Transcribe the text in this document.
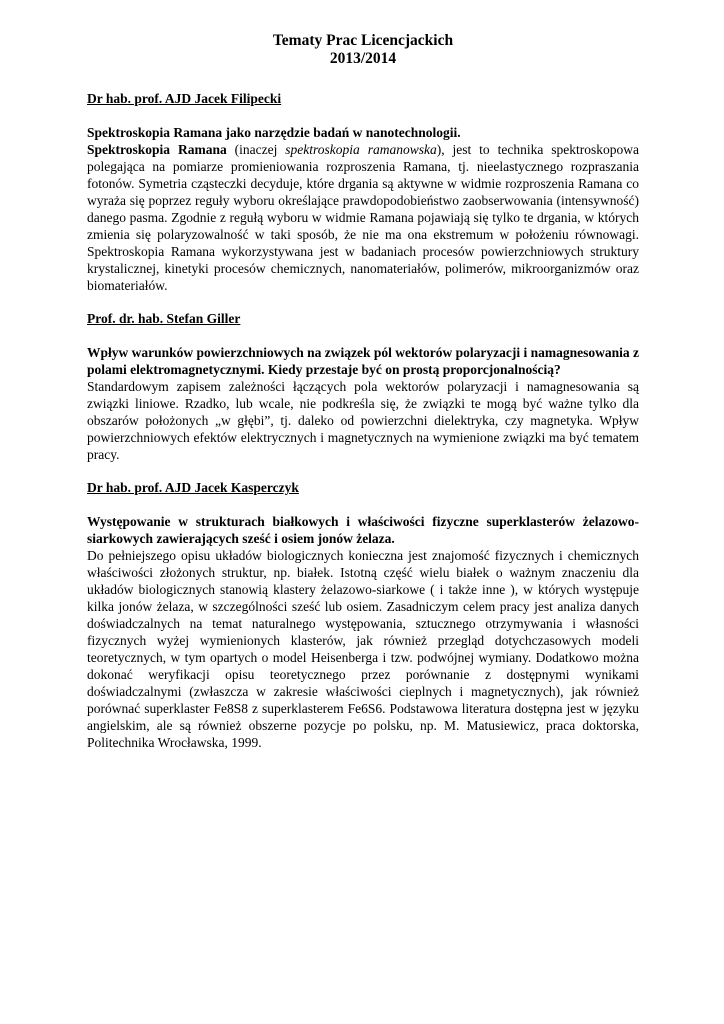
Tematy Prac Licencjackich
2013/2014

Dr hab. prof. AJD Jacek Filipecki

Spektroskopia Ramana jako narzędzie badań w nanotechnologii.

Spektroskopia Ramana (inaczej spektroskopia ramanowska), jest to technika spektroskopowa polegająca na pomiarze promieniowania rozproszenia Ramana, tj. nieelastycznego rozpraszania fotonów. Symetria cząsteczki decyduje, które drgania są aktywne w widmie rozproszenia Ramana co wyraża się poprzez reguły wyboru określające prawdopodobieństwo zaobserwowania (intensywność) danego pasma. Zgodnie z regułą wyboru w widmie Ramana pojawiają się tylko te drgania, w których zmienia się polaryzowalność w taki sposób, że nie ma ona ekstremum w położeniu równowagi. Spektroskopia Ramana wykorzystywana jest w badaniach procesów powierzchniowych struktury krystalicznej, kinetyki procesów chemicznych, nanomateriałów, polimerów, mikroorganizmów oraz biomateriałów.

Prof. dr. hab. Stefan Giller

Wpływ warunków powierzchniowych na związek pól wektorów polaryzacji i namagnesowania z polami elektromagnetycznymi. Kiedy przestaje być on prostą proporcjonalnością?

Standardowym zapisem zależności łączących pola wektorów polaryzacji i namagnesowania są związki liniowe. Rzadko, lub wcale, nie podkreśla się, że związki te mogą być ważne tylko dla obszarów położonych „w głębi”, tj. daleko od powierzchni dielektryka, czy magnetyka. Wpływ powierzchniowych efektów elektrycznych i magnetycznych na wymienione związki ma być tematem pracy.

Dr hab. prof. AJD Jacek Kasperczyk

Występowanie w strukturach białkowych i właściwości fizyczne superklasterów żelazowo-siarkowych zawierających sześć i osiem jonów żelaza.

Do pełniejszego opisu układów biologicznych konieczna jest znajomość fizycznych i chemicznych właściwości złożonych struktur, np. białek. Istotną część wielu białek o ważnym znaczeniu dla układów biologicznych stanowią klastery żelazowo-siarkowe ( i także inne ), w których występuje kilka jonów żelaza, w szczególności sześć lub osiem. Zasadniczym celem pracy jest analiza danych doświadczalnych na temat naturalnego występowania, sztucznego otrzymywania i własności fizycznych wyżej wymienionych klasterów, jak również przegląd dotychczasowych modeli teoretycznych, w tym opartych o model Heisenberga i tzw. podwójnej wymiany. Dodatkowo można dokonać weryfikacji opisu teoretycznego przez porównanie z dostępnymi wynikami doświadczalnymi (zwłaszcza w zakresie właściwości cieplnych i magnetycznych), jak również porównać superklaster Fe8S8 z superklasterem Fe6S6. Podstawowa literatura dostępna jest w języku angielskim, ale są również obszerne pozycje po polsku, np. M. Matusiewicz, praca doktorska, Politechnika Wrocławska, 1999.
